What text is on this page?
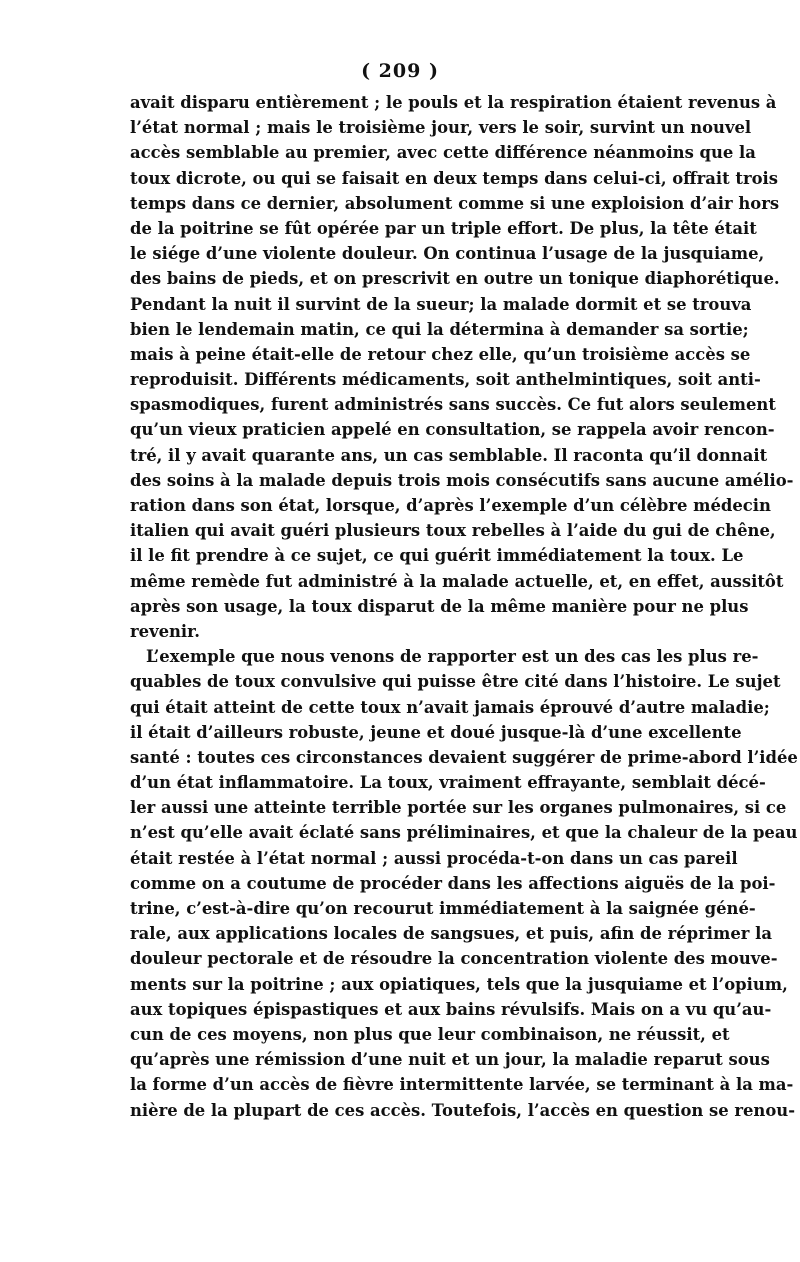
( 209 )
avait disparu entièrement ; le pouls et la respiration étaient revenus à
l’état normal ; mais le troisième jour, vers le soir, survint un nouvel
accès semblable au premier, avec cette différence néanmoins que la
toux dicrote, ou qui se faisait en deux temps dans celui-ci, offrait trois
temps dans ce dernier, absolument comme si une exploision d’air hors
de la poitrine se fût opérée par un triple effort. De plus, la tête était
le siége d’une violente douleur. On continua l’usage de la jusquiame,
des bains de pieds, et on prescrivit en outre un tonique diaphorétique.
Pendant la nuit il survint de la sueur; la malade dormit et se trouva
bien le lendemain matin, ce qui la détermina à demander sa sortie;
mais à peine était-elle de retour chez elle, qu’un troisième accès se
reproduisit. Différents médicaments, soit anthelmintiques, soit anti-
spasmodiques, furent administrés sans succès. Ce fut alors seulement
qu’un vieux praticien appelé en consultation, se rappela avoir rencon-
tré, il y avait quarante ans, un cas semblable. Il raconta qu’il donnait
des soins à la malade depuis trois mois consécutifs sans aucune amélio-
ration dans son état, lorsque, d’après l’exemple d’un célèbre médecin
italien qui avait guéri plusieurs toux rebelles à l’aide du gui de chêne,
il le fit prendre à ce sujet, ce qui guérit immédiatement la toux. Le
même remède fut administré à la malade actuelle, et, en effet, aussitôt
après son usage, la toux disparut de la même manière pour ne plus
revenir.
L’exemple que nous venons de rapporter est un des cas les plus re-
quables de toux convulsive qui puisse être cité dans l’histoire. Le sujet
qui était atteint de cette toux n’avait jamais éprouvé d’autre maladie;
il était d’ailleurs robuste, jeune et doué jusque-là d’une excellente
santé : toutes ces circonstances devaient suggérer de prime-abord l’idée
d’un état inflammatoire. La toux, vraiment effrayante, semblait décé-
ler aussi une atteinte terrible portée sur les organes pulmonaires, si ce
n’est qu’elle avait éclaté sans préliminaires, et que la chaleur de la peau
était restée à l’état normal ; aussi procéda-t-on dans un cas pareil
comme on a coutume de procéder dans les affections aiguës de la poi-
trine, c’est-à-dire qu’on recourut immédiatement à la saignée géné-
rale, aux applications locales de sangsues, et puis, afin de réprimer la
douleur pectorale et de résoudre la concentration violente des mouve-
ments sur la poitrine ; aux opiatiques, tels que la jusquiame et l’opium,
aux topiques épispastiques et aux bains révulsifs. Mais on a vu qu’au-
cun de ces moyens, non plus que leur combinaison, ne réussit, et
qu’après une rémission d’une nuit et un jour, la maladie reparut sous
la forme d’un accès de fièvre intermittente larvée, se terminant à la ma-
nière de la plupart de ces accès. Toutefois, l’accès en question se renou-
